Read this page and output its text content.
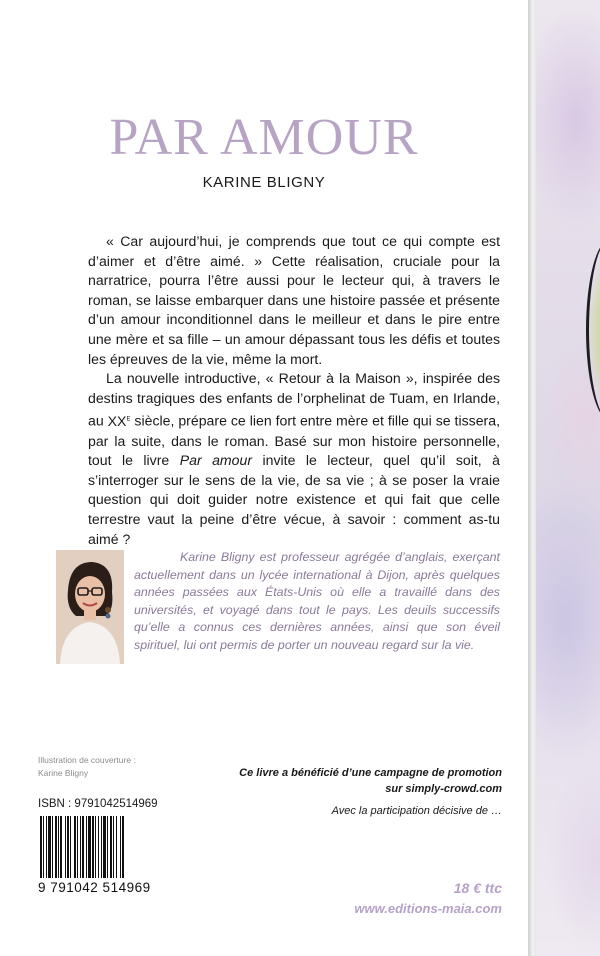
PAR AMOUR
KARINE BLIGNY

« Car aujourd’hui, je comprends que tout ce qui compte est d’aimer et d’être aimé. » Cette réalisation, cruciale pour la narratrice, pourra l’être aussi pour le lecteur qui, à travers le roman, se laisse embarquer dans une histoire passée et présente d’un amour inconditionnel dans le meilleur et dans le pire entre une mère et sa fille – un amour dépassant tous les défis et toutes les épreuves de la vie, même la mort.

La nouvelle introductive, « Retour à la Maison », inspirée des destins tragiques des enfants de l’orphelinat de Tuam, en Irlande, au XXe siècle, prépare ce lien fort entre mère et fille qui se tissera, par la suite, dans le roman. Basé sur mon histoire personnelle, tout le livre Par amour invite le lecteur, quel qu’il soit, à s’interroger sur le sens de la vie, de sa vie ; à se poser la vraie question qui doit guider notre existence et qui fait que celle terrestre vaut la peine d’être vécue, à savoir : comment as-tu aimé ?

Karine Bligny est professeur agrégée d’anglais, exerçant actuellement dans un lycée international à Dijon, après quelques années passées aux États-Unis où elle a travaillé dans des universités, et voyagé dans tout le pays. Les deuils successifs qu’elle a connus ces dernières années, ainsi que son éveil spirituel, lui ont permis de porter un nouveau regard sur la vie.

Illustration de couverture :
Karine Bligny	Ce livre a bénéficié d’une campagne de promotion
sur simply-crowd.com
Avec la participation décisive de …
ISBN : 9791042514969
9 791042 514969	18 € ttc
www.editions-maia.com
